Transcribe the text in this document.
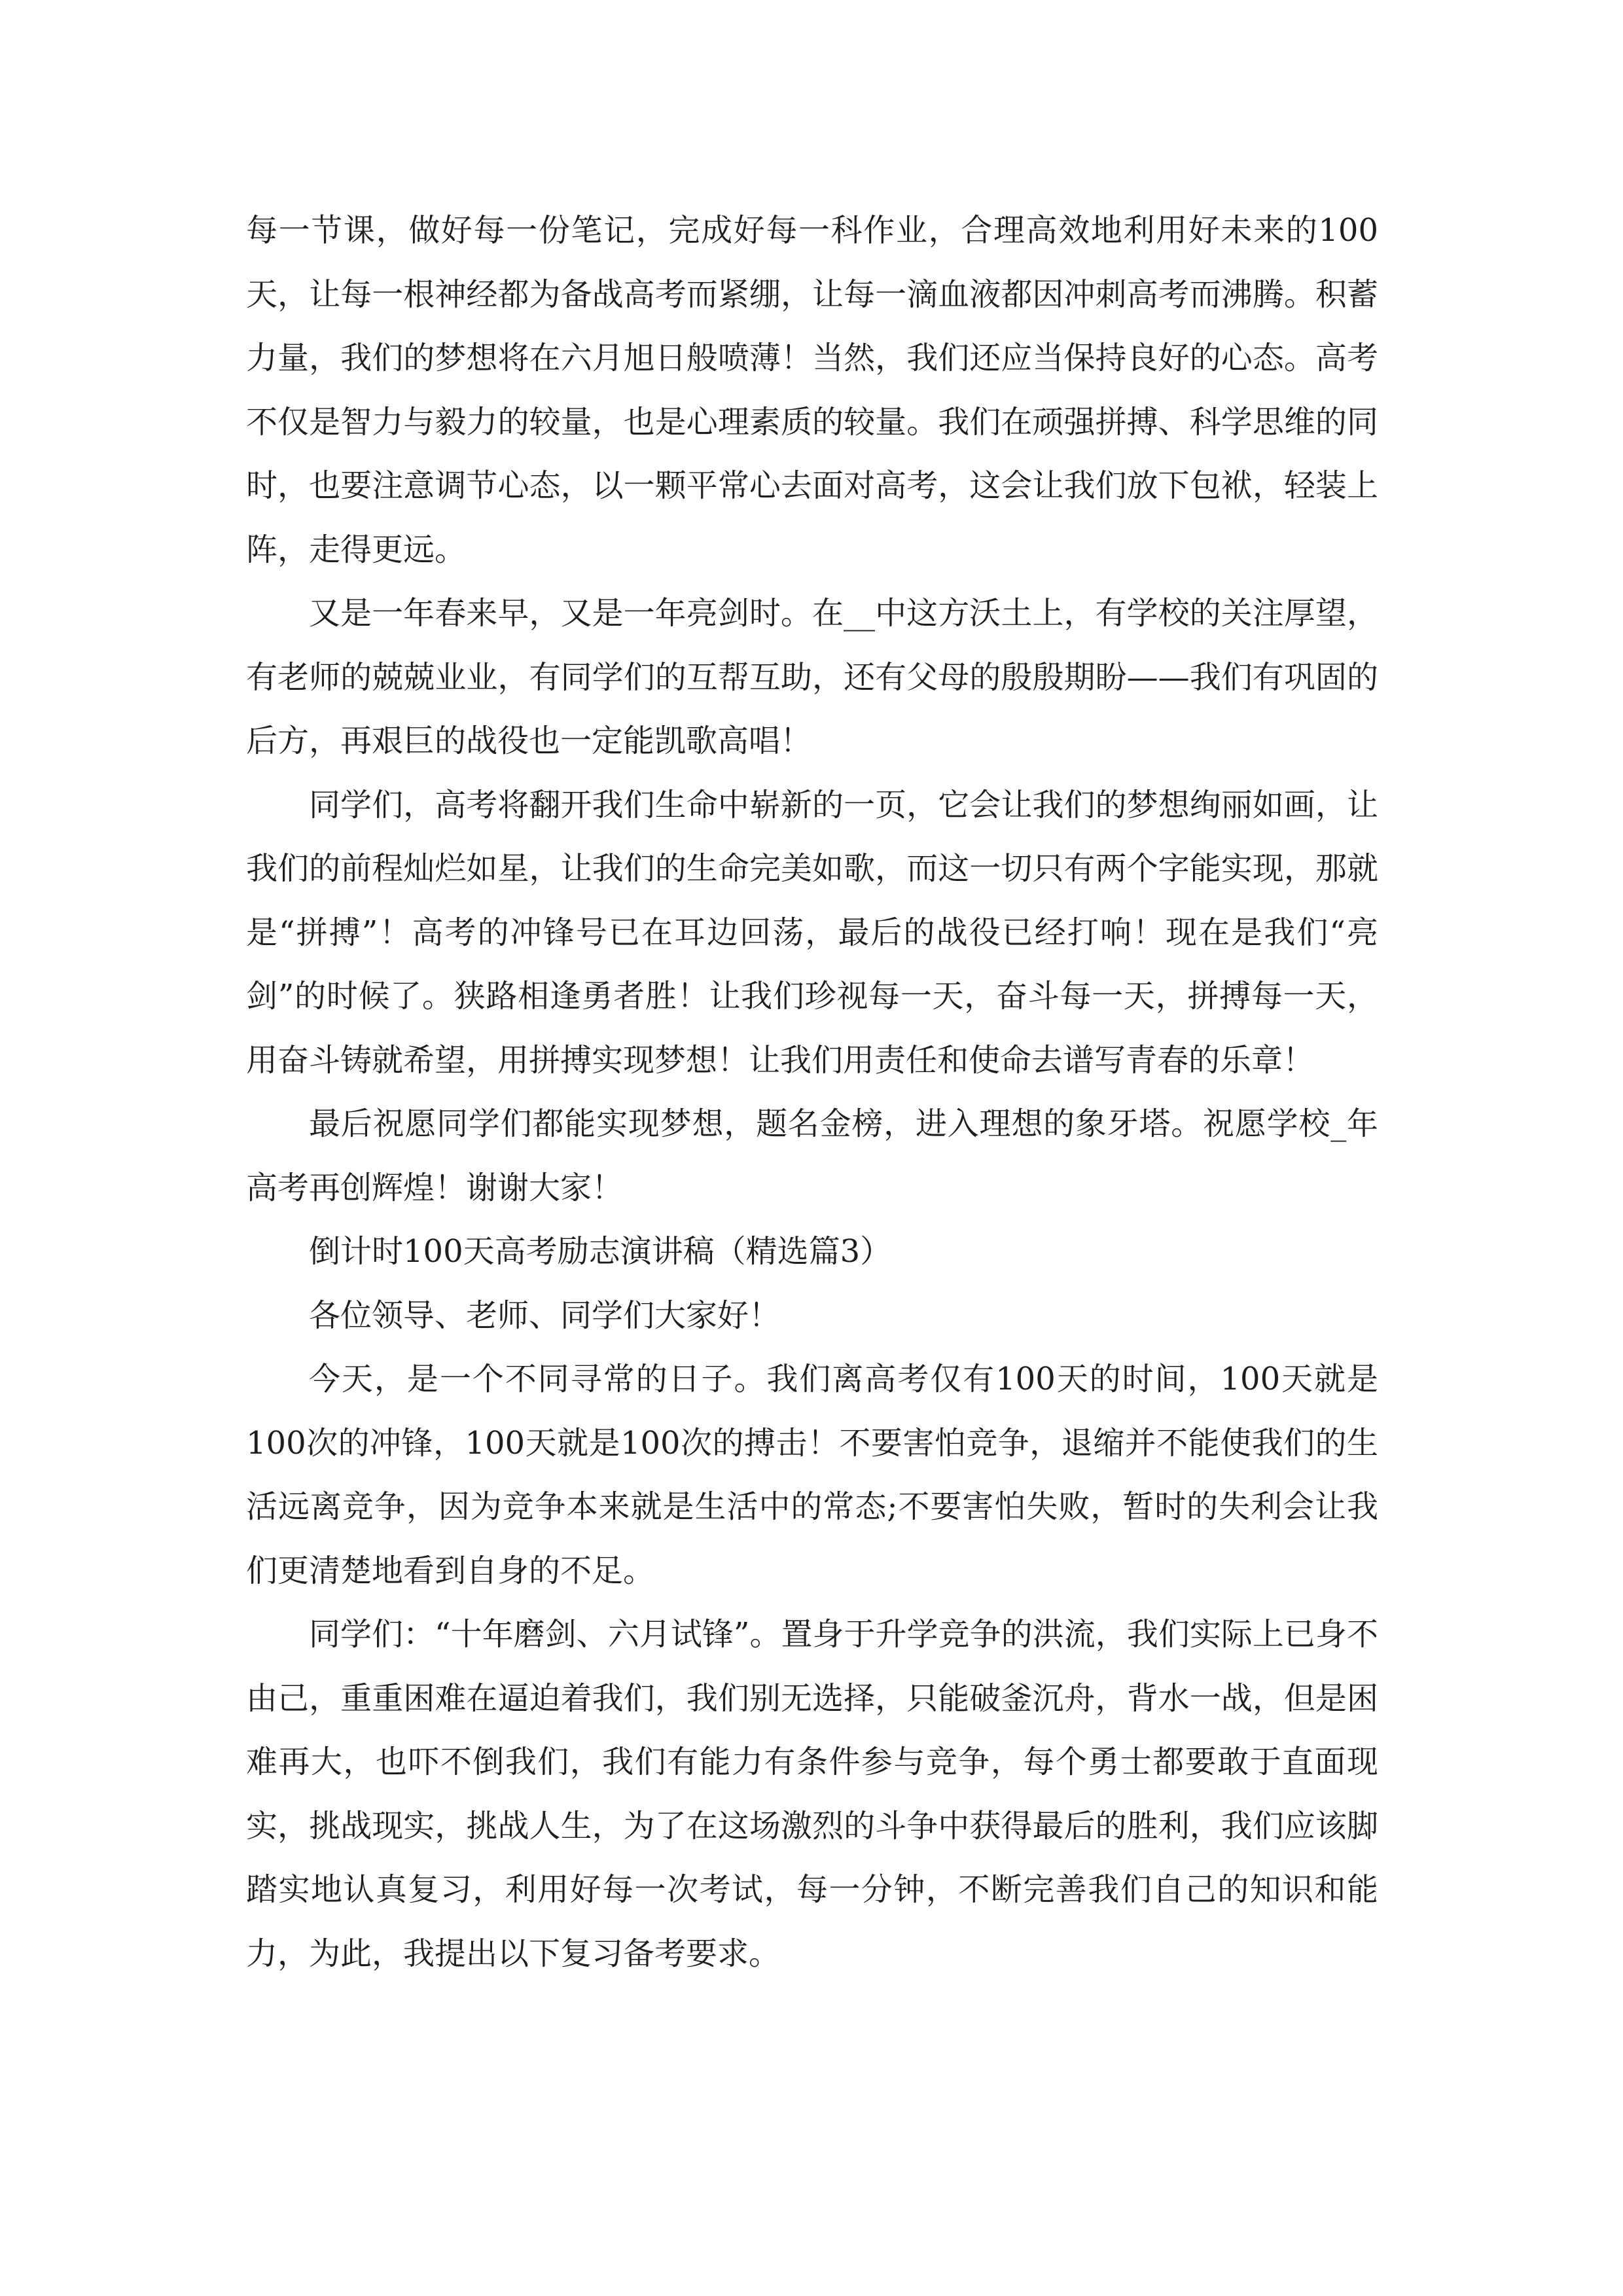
每一节课，做好每一份笔记，完成好每一科作业，合理高效地利用好未来的100天，让每一根神经都为备战高考而紧绷，让每一滴血液都因冲刺高考而沸腾。积蓄力量，我们的梦想将在六月旭日般喷薄！当然，我们还应当保持良好的心态。高考不仅是智力与毅力的较量，也是心理素质的较量。我们在顽强拼搏、科学思维的同时，也要注意调节心态，以一颗平常心去面对高考，这会让我们放下包袱，轻装上阵，走得更远。

又是一年春来早，又是一年亮剑时。在__中这方沃土上，有学校的关注厚望，有老师的兢兢业业，有同学们的互帮互助，还有父母的殷殷期盼——我们有巩固的后方，再艰巨的战役也一定能凯歌高唱！

同学们，高考将翻开我们生命中崭新的一页，它会让我们的梦想绚丽如画，让我们的前程灿烂如星，让我们的生命完美如歌，而这一切只有两个字能实现，那就是“拼搏”！高考的冲锋号已在耳边回荡，最后的战役已经打响！现在是我们“亮剑”的时候了。狭路相逢勇者胜！让我们珍视每一天，奋斗每一天，拼搏每一天，用奋斗铸就希望，用拼搏实现梦想！让我们用责任和使命去谱写青春的乐章！

最后祝愿同学们都能实现梦想，题名金榜，进入理想的象牙塔。祝愿学校_年高考再创辉煌！谢谢大家！

倒计时100天高考励志演讲稿（精选篇3）

各位领导、老师、同学们大家好！

今天，是一个不同寻常的日子。我们离高考仅有100天的时间，100天就是100次的冲锋，100天就是100次的搏击！不要害怕竞争，退缩并不能使我们的生活远离竞争，因为竞争本来就是生活中的常态;不要害怕失败，暂时的失利会让我们更清楚地看到自身的不足。

同学们：“十年磨剑、六月试锋”。置身于升学竞争的洪流，我们实际上已身不由己，重重困难在逼迫着我们，我们别无选择，只能破釜沉舟，背水一战，但是困难再大，也吓不倒我们，我们有能力有条件参与竞争，每个勇士都要敢于直面现实，挑战现实，挑战人生，为了在这场激烈的斗争中获得最后的胜利，我们应该脚踏实地认真复习，利用好每一次考试，每一分钟，不断完善我们自己的知识和能力，为此，我提出以下复习备考要求。
